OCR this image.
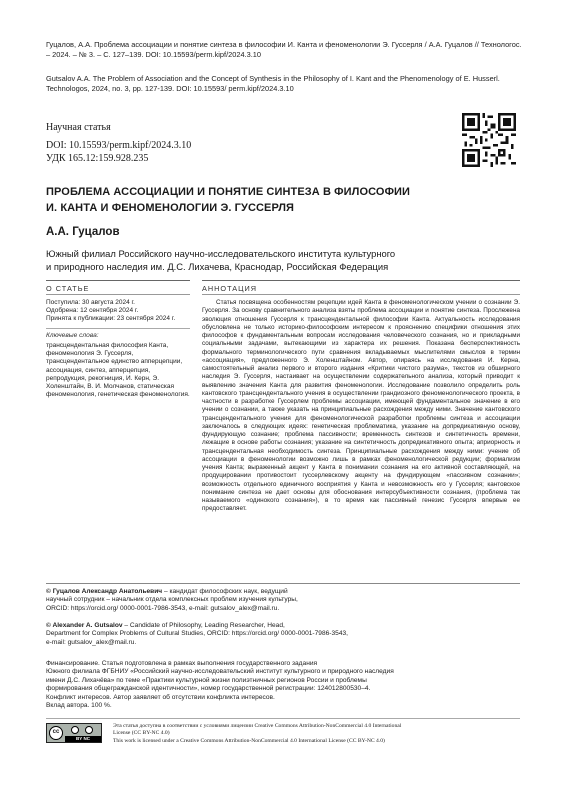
Гуцалов, А.А. Проблема ассоциации и понятие синтеза в философии И. Канта и феноменологии Э. Гуссерля / А.А. Гуцалов // Технологос. – 2024. – № 3. – С. 127–139. DOI: 10.15593/perm.kipf/2024.3.10
Gutsalov A.A. The Problem of Association and the Concept of Synthesis in the Philosophy of I. Kant and the Phenomenology of E. Husserl. Technologos, 2024, no. 3, pp. 127-139. DOI: 10.15593/ perm.kipf/2024.3.10
Научная статья
DOI: 10.15593/perm.kipf/2024.3.10
УДК 165.12:159.928.235
ПРОБЛЕМА АССОЦИАЦИИ И ПОНЯТИЕ СИНТЕЗА В ФИЛОСОФИИ
И. КАНТА И ФЕНОМЕНОЛОГИИ Э. ГУССЕРЛЯ
А.А. Гуцалов
Южный филиал Российского научно-исследовательского института культурного
и природного наследия им. Д.С. Лихачева, Краснодар, Российская Федерация
О СТАТЬЕ	АННОТАЦИЯ
Поступила: 30 августа 2024 г.
Одобрена: 12 сентября 2024 г.
Принята к публикации: 23 сентября 2024 г.
Ключевые слова:
трансцендентальная философия Канта, феноменология Э. Гуссерля, трансцендентальное единство апперцепции, ассоциация, синтез, апперцепция, репродукция, рекогниция, И. Керн, Э. Холенштайн, В. И. Молчанов, статическая феноменология, генетическая феноменология.

Статья посвящена особенностям рецепции идей Канта в феноменологическом учении о сознании Э. Гуссерля. За основу сравнительного анализа взяты проблема ассоциации и понятие синтеза. Прослежена эволюция отношения Гуссерля к трансцендентальной философии Канта. Актуальность исследования обусловлена не только историко-философским интересом к прояснению специфики отношения этих философов к фундаментальным вопросам исследования человеческого сознания, но и прикладными социальными задачами, вытекающими из характера их решения. Показана бесперспективность формального терминологического пути сравнения вкладываемых мыслителями смыслов в термин «ассоциация», предложенного Э. Холенштайном. Автор, опираясь на исследования И. Керна, самостоятельный анализ первого и второго издания «Критики чистого разума», текстов из обширного наследия Э. Гуссерля, настаивает на осуществлении содержательного анализа, который приводит к выявлению значения Канта для развития феноменологии. Исследование позволило определить роль кантовского трансцендентального учения в осуществлении грандиозного феноменологического проекта, в частности в разработке Гуссерлем проблемы ассоциации, имеющей фундаментальное значение в его учении о сознании, а также указать на принципиальные расхождения между ними. Значение кантовского трансцендентального учения для феноменологической разработки проблемы синтеза и ассоциации заключалось в следующих идеях: генетическая проблематика, указание на допредикативную основу, фундирующую сознание; проблема пассивности; временность синтезов и синтетичность времени, лежащие в основе работы сознания; указание на синтетичность допредикативного опыта; априорность и трансцендентальная необходимость синтеза. Принципиальные расхождения между ними: учение об ассоциации в феноменологии возможно лишь в рамках феноменологической редукции; формализм учения Канта; выраженный акцент у Канта в понимании сознания на его активной составляющей, на продуцировании противостоит гуссерлевскому акценту на фундирующем «пассивном сознании»; возможность отдельного единичного восприятия у Канта и невозможность его у Гуссерля; кантовское понимание синтеза не дает основы для обоснования интерсубъективности сознания, (проблема так называемого «одинокого сознания»), в то время как пассивный генезис Гуссерля впервые ее предоставляет.

© Гуцалов Александр Анатольевич – кандидат философских наук, ведущий
научный сотрудник – начальник отдела комплексных проблем изучения культуры,
ORCID: https://orcid.org/ 0000-0001-7986-3543, e-mail: gutsalov_alex@mail.ru.
© Alexander A. Gutsalov – Candidate of Philosophy, Leading Researcher, Head,
Department for Complex Problems of Cultural Studies, ORCID: https://orcid.org/ 0000-0001-7986-3543,
e-mail: gutsalov_alex@mail.ru.
Финансирование. Статья подготовлена в рамках выполнения государственного задания
Южного филиала ФГБНИУ «Российский научно-исследовательский институт культурного и природного наследия
имени Д.С. Лихачёва» по теме «Практики культурной жизни полиэтничных регионов России и проблемы
формирования общегражданской идентичности», номер государственной регистрации: 124012800530–4.
Конфликт интересов. Автор заявляет об отсутствии конфликта интересов.
Вклад автора. 100 %.
cc
BY NC
Эта статья доступна в соответствии с условиями лицензии Creative Commons Attribution-NonCommercial 4.0 International
License (CC BY-NC 4.0)
This work is licensed under a Creative Commons Attribution-NonCommercial 4.0 International License (CC BY-NC 4.0)
